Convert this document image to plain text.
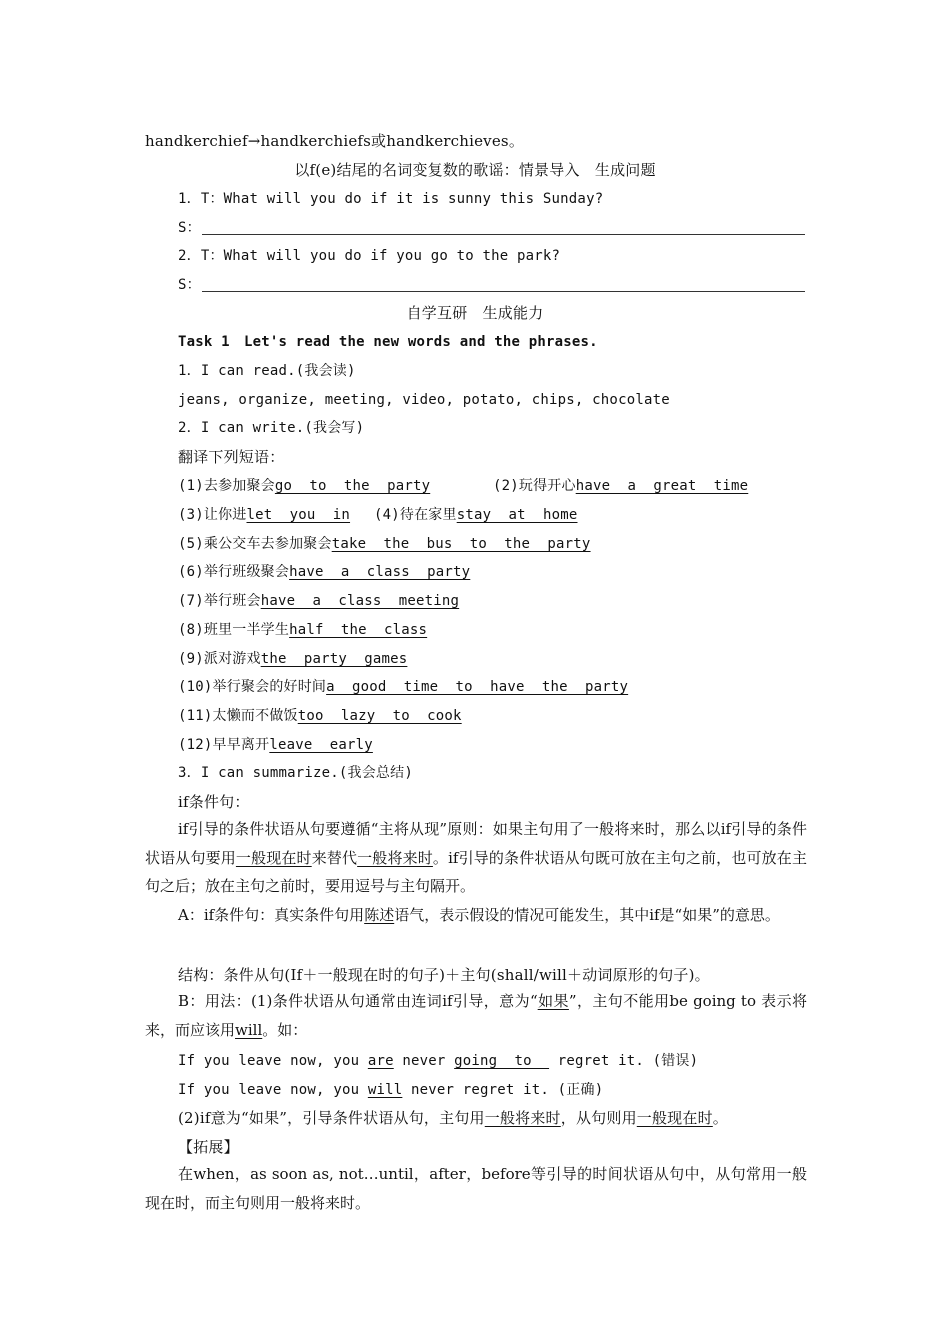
handkerchief→handkerchiefs或handkerchieves。
以f(e)结尾的名词变复数的歌谣：情景导入　生成问题
1．T：What will you do if it is sunny this Sunday?
S：
2．T：What will you do if you go to the park?
S：
自学互研　生成能力
Task 1　Let's read the new words and the phrases.
1．I can read.(我会读)
jeans, organize, meeting, video, potato, chips, chocolate
2．I can write.(我会写)
翻译下列短语：
(1)去参加聚会go  to  the  party	(2)玩得开心have  a  great  time
(3)让你进let  you  in (4)待在家里stay  at  home
(5)乘公交车去参加聚会take  the  bus  to  the  party
(6)举行班级聚会have  a  class  party
(7)举行班会have  a  class  meeting
(8)班里一半学生half  the  class
(9)派对游戏the  party  games
(10)举行聚会的好时间a  good  time  to  have  the  party
(11)太懒而不做饭too  lazy  to  cook
(12)早早离开leave  early
3．I can summarize.(我会总结)
if条件句：
if引导的条件状语从句要遵循“主将从现”原则：如果主句用了一般将来时，那么以if引导的条件状语从句要用一般现在时来替代一般将来时。if引导的条件状语从句既可放在主句之前，也可放在主句之后；放在主句之前时，要用逗号与主句隔开。
A：if条件句：真实条件句用陈述语气，表示假设的情况可能发生，其中if是“如果”的意思。
结构：条件从句(If＋一般现在时的句子)＋主句(shall/will＋动词原形的句子)。
B：用法：(1)条件状语从句通常由连词if引导，意为“如果”，主句不能用be going to 表示将来，而应该用will。如：
If you leave now, you are never going  to   regret it. (错误)
If you leave now, you will never regret it. (正确)
(2)if意为“如果”，引导条件状语从句，主句用一般将来时，从句则用一般现在时。
【拓展】
在when，as soon as, not…until，after，before等引导的时间状语从句中，从句常用一般现在时，而主句则用一般将来时。
